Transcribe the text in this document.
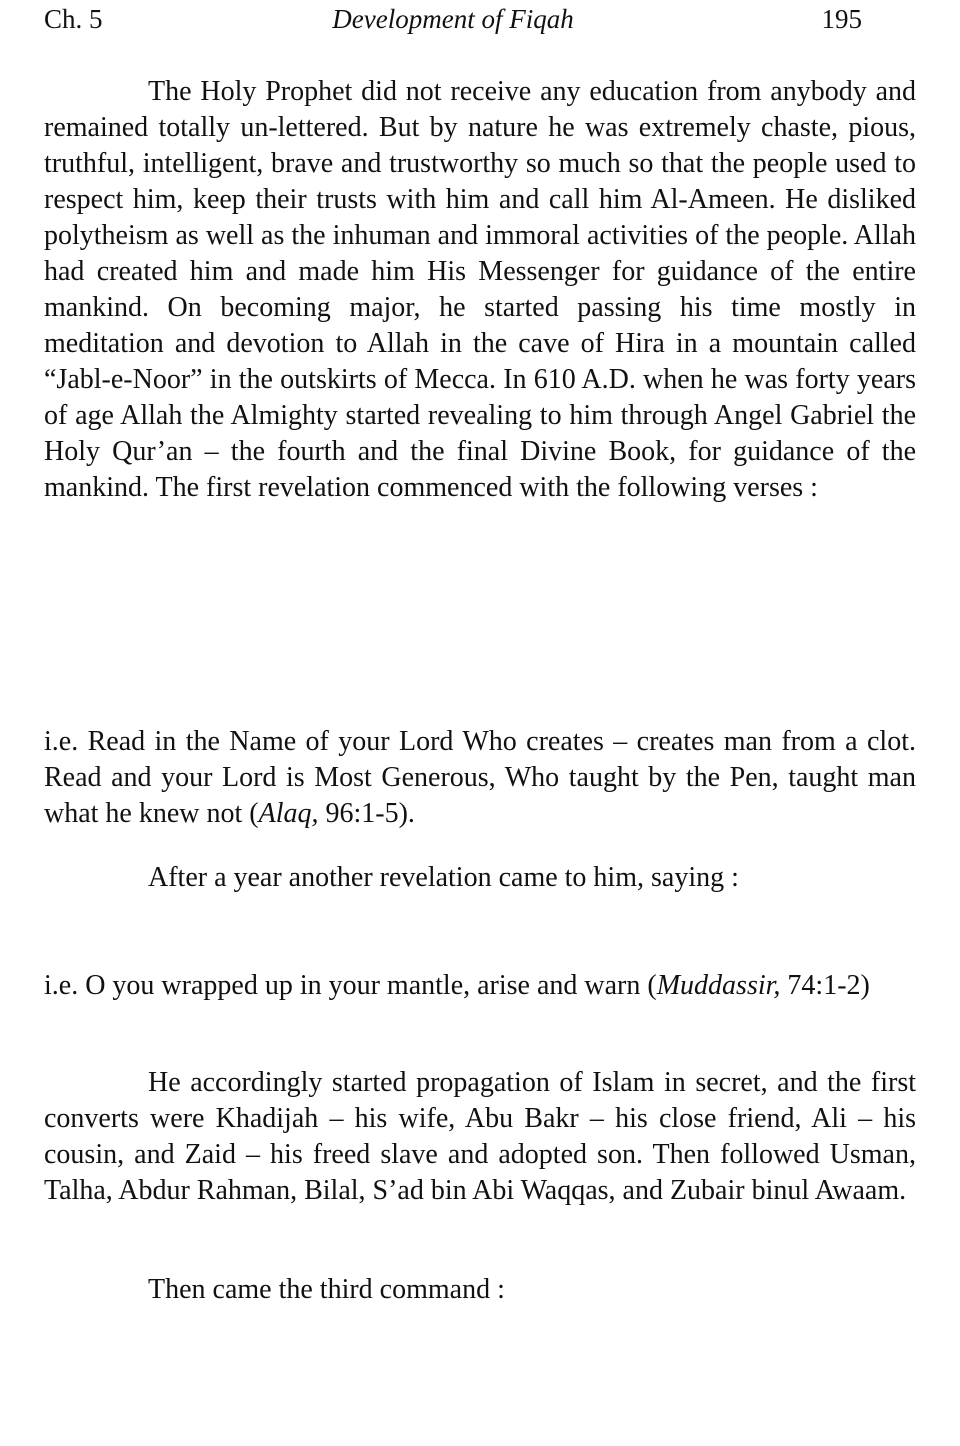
Ch. 5	Development of Fiqah	195

The Holy Prophet did not receive any education from anybody and remained totally un-lettered. But by nature he was extremely chaste, pious, truthful, intelligent, brave and trustworthy so much so that the people used to respect him, keep their trusts with him and call him Al-Ameen. He disliked polytheism as well as the inhuman and immoral activities of the people. Allah had created him and made him His Messenger for guidance of the entire mankind. On becoming major, he started passing his time mostly in meditation and devotion to Allah in the cave of Hira in a mountain called “Jabl-e-Noor” in the outskirts of Mecca. In 610 A.D. when he was forty years of age Allah the Almighty started revealing to him through Angel Gabriel the Holy Qur’an – the fourth and the final Divine Book, for guidance of the mankind. The first revelation commenced with the following verses :

i.e. Read in the Name of your Lord Who creates – creates man from a clot. Read and your Lord is Most Generous, Who taught by the Pen, taught man what he knew not (Alaq, 96:1-5).

After a year another revelation came to him, saying :

i.e. O you wrapped up in your mantle, arise and warn (Muddassir, 74:1-2)

He accordingly started propagation of Islam in secret, and the first converts were Khadijah – his wife, Abu Bakr – his close friend, Ali – his cousin, and Zaid – his freed slave and adopted son. Then followed Usman, Talha, Abdur Rahman, Bilal, S’ad bin Abi Waqqas, and Zubair binul Awaam.

Then came the third command :
